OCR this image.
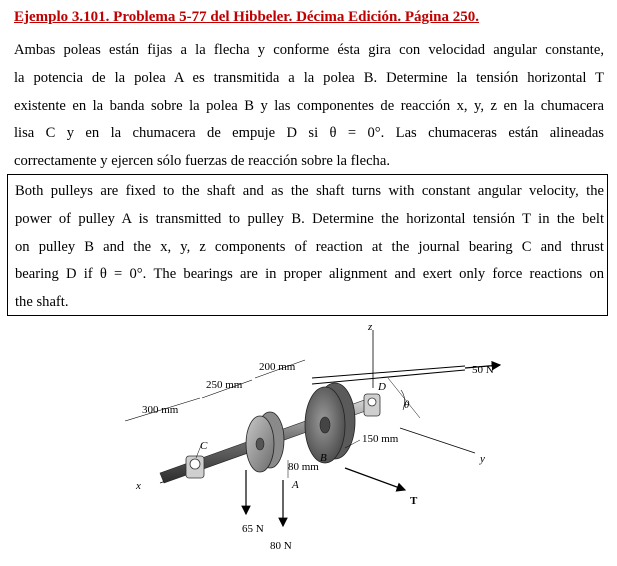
Ejemplo 3.101. Problema 5-77 del Hibbeler. Décima Edición. Página 250.
Ambas poleas están fijas a la flecha y conforme ésta gira con velocidad angular constante,
la potencia de la polea A es transmitida a la polea B. Determine la tensión horizontal T
existente en la banda sobre la polea B y las componentes de reacción x, y, z en la chumacera
lisa C y en la chumacera de empuje D si θ = 0°. Las chumaceras están alineadas
correctamente y ejercen sólo fuerzas de reacción sobre la flecha.
Both pulleys are fixed to the shaft and as the shaft turns with constant angular velocity, the
power of pulley A is transmitted to pulley B. Determine the horizontal tensión T in the belt
on pulley B and the x, y, z components of reaction at the journal bearing C and thrust
bearing D if θ = 0°. The bearings are in proper alignment and exert only force reactions on
the shaft.
z
x
y
300 mm
250 mm
200 mm
150 mm
80 mm
50 N
65 N
80 N
T
θ
C
D
A
B
